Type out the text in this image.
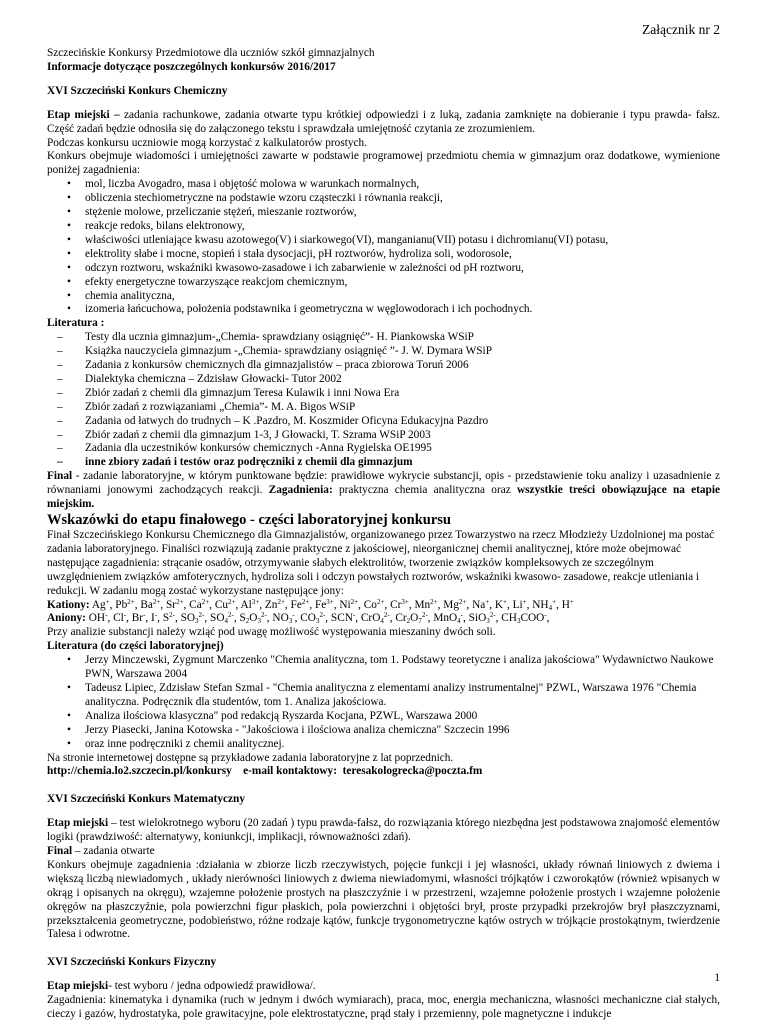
Załącznik nr 2

Szczecińskie Konkursy Przedmiotowe dla uczniów szkół gimnazjalnych

Informacje dotyczące poszczególnych konkursów 2016/2017

XVI Szczeciński Konkurs Chemiczny

Etap miejski – zadania rachunkowe, zadania otwarte typu krótkiej odpowiedzi i z luką, zadania zamknięte na dobieranie i typu prawda- fałsz. Część zadań będzie odnosiła się do załączonego tekstu i sprawdzała umiejętność czytania ze zrozumieniem.

Podczas konkursu uczniowie mogą korzystać z kalkulatorów prostych.

Konkurs obejmuje wiadomości i umiejętności zawarte w podstawie programowej przedmiotu chemia w gimnazjum oraz dodatkowe, wymienione poniżej zagadnienia:

• mol, liczba Avogadro, masa i objętość molowa w warunkach normalnych,
• obliczenia stechiometryczne na podstawie wzoru cząsteczki i równania reakcji,
• stężenie molowe, przeliczanie stężeń, mieszanie roztworów,
• reakcje redoks, bilans elektronowy,
• właściwości utleniające kwasu azotowego(V) i siarkowego(VI), manganianu(VII) potasu i dichromianu(VI) potasu,
• elektrolity słabe i mocne, stopień i stała dysocjacji, pH roztworów, hydroliza soli, wodorosole,
• odczyn roztworu, wskaźniki kwasowo-zasadowe i ich zabarwienie w zależności od pH roztworu,
• efekty energetyczne towarzyszące reakcjom chemicznym,
• chemia analityczna,
• izomeria łańcuchowa, położenia podstawnika i geometryczna w węglowodorach i ich pochodnych.

Literatura :

– Testy dla ucznia gimnazjum-„Chemia- sprawdziany osiągnięć”- H. Piankowska WSiP
– Książka nauczyciela gimnazjum -„Chemia- sprawdziany osiągnięć ”- J. W. Dymara WSiP
– Zadania z konkursów chemicznych dla gimnazjalistów – praca zbiorowa Toruń 2006
– Dialektyka chemiczna – Zdzisław Głowacki- Tutor 2002
– Zbiór zadań z chemii dla gimnazjum Teresa Kulawik i inni Nowa Era
– Zbiór zadań z rozwiązaniami „Chemia”- M. A. Bigos WSiP
– Zadania od łatwych do trudnych – K .Pazdro, M. Koszmider Oficyna Edukacyjna Pazdro
– Zbiór zadań z chemii dla gimnazjum 1-3, J Głowacki, T. Szrama WSiP 2003
– Zadania dla uczestników konkursów chemicznych -Anna Rygielska OE1995
– inne zbiory zadań i testów oraz podręczniki z chemii dla gimnazjum

Final - zadanie laboratoryjne, w którym punktowane będzie: prawidłowe wykrycie substancji, opis - przedstawienie toku analizy i uzasadnienie z równaniami jonowymi zachodzących reakcji. Zagadnienia: praktyczna chemia analityczna oraz wszystkie treści obowiązujące na etapie miejskim.

Wskazówki do etapu finałowego - części laboratoryjnej konkursu

Finał Szczecińskiego Konkursu Chemicznego dla Gimnazjalistów, organizowanego przez Towarzystwo na rzecz Młodzieży Uzdolnionej ma postać zadania laboratoryjnego. Finaliści rozwiązują zadanie praktyczne z jakościowej, nieorganicznej chemii analitycznej, które może obejmować następujące zagadnienia: strącanie osadów, otrzymywanie słabych elektrolitów, tworzenie związków kompleksowych ze szczególnym uwzględnieniem związków amfoterycznych, hydroliza soli i odczyn powstałych roztworów, wskaźniki kwasowo- zasadowe, reakcje utleniania i redukcji. W zadaniu mogą zostać wykorzystane następujące jony:

Kationy: Ag+, $Pb^{2+}$, $Ba^{2+}$, $Sr^{2+}$, $Ca^{2+}$, $Cu^{2+}$, $Al^{3+}$, $Zn^{2+}$, $Fe^{2+}$, $Fe^{3+}$, $Ni^{2+}$, $Co^{2+}$, $Cr^{3+}$, $Mn^{2+}$, $Mg^{2+}$, Na+, K+, Li+, $NH_4^+$, H+

Aniony: OH-, Cl-, Br-, I-, $S^{2-}$, $SO_3^{2-}$, $SO_4^{2-}$, $S_2O_3^{2-}$, $NO_3^-$, $CO_3^{2-}$, SCN-, CrO$_4^{2-}$, $Cr_2O_7^{2-}$, MnO$_4$-, SiO$_3^{2-}$, $CH_3COO^-$,

Przy analizie substancji należy wziąć pod uwagę możliwość występowania mieszaniny dwóch soli.

Literatura (do części laboratoryjnej)

• Jerzy Minczewski, Zygmunt Marczenko "Chemia analityczna, tom 1. Podstawy teoretyczne i analiza jakościowa" Wydawnictwo Naukowe PWN, Warszawa 2004
• Tadeusz Lipiec, Zdzisław Stefan Szmal - "Chemia analityczna z elementami analizy instrumentalnej" PZWL, Warszawa 1976 "Chemia analityczna. Podręcznik dla studentów, tom 1. Analiza jakościowa.
• Analiza ilościowa klasyczna" pod redakcją Ryszarda Kocjana, PZWL, Warszawa 2000
• Jerzy Piasecki, Janina Kotowska - "Jakościowa i ilościowa analiza chemiczna" Szczecin 1996
• oraz inne podręczniki z chemii analitycznej.

Na stronie internetowej dostępne są przykładowe zadania laboratoryjne z lat poprzednich.

http://chemia.lo2.szczecin.pl/konkursy    e-mail kontaktowy:  teresakologrecka@poczta.fm

XVI Szczeciński Konkurs Matematyczny

Etap miejski – test wielokrotnego wyboru (20 zadań ) typu prawda-fałsz, do rozwiązania którego niezbędna jest podstawowa znajomość elementów logiki (prawdziwość: alternatywy, koniunkcji, implikacji, równoważności zdań).

Final – zadania otwarte

Konkurs obejmuje zagadnienia :działania w zbiorze liczb rzeczywistych, pojęcie funkcji i jej własności, układy równań liniowych z dwiema i większą liczbą niewiadomych , układy nierówności liniowych z dwiema niewiadomymi, własności trójkątów i czworokątów (również wpisanych w okrąg i opisanych na okręgu), wzajemne położenie prostych na płaszczyźnie i w przestrzeni, wzajemne położenie prostych i wzajemne położenie okręgów na płaszczyźnie, pola powierzchni figur płaskich, pola powierzchni i objętości brył, proste przypadki przekrojów brył płaszczyznami, przekształcenia geometryczne, podobieństwo, różne rodzaje kątów, funkcje trygonometryczne kątów ostrych w trójkącie prostokątnym, twierdzenie Talesa i odwrotne.

XVI Szczeciński Konkurs Fizyczny

Etap miejski- test wyboru / jedna odpowiedź prawidłowa/.

Zagadnienia: kinematyka i dynamika (ruch w jednym i dwóch wymiarach), praca, moc, energia mechaniczna, własności mechaniczne ciał stałych, cieczy i gazów, hydrostatyka, pole grawitacyjne, pole elektrostatyczne, prąd stały i przemienny, pole magnetyczne i indukcje

1
